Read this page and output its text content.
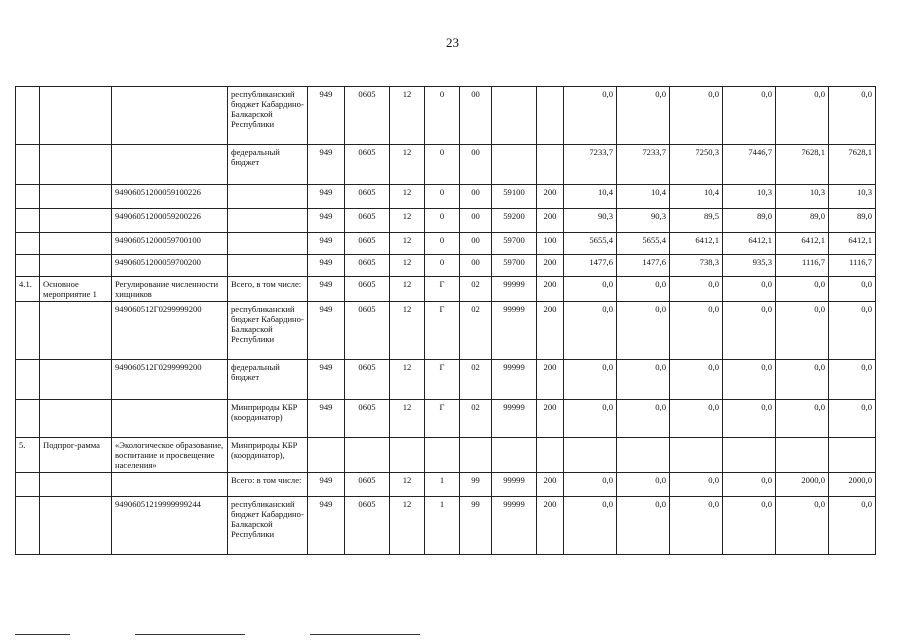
23
			республиканский бюджет Кабардино-Балкарской Республики	949	0605	12	0	00			0,0	0,0	0,0	0,0	0,0	0,0
			федеральный бюджет	949	0605	12	0	00			7233,7	7233,7	7250,3	7446,7	7628,1	7628,1
		94906051200059100226		949	0605	12	0	00	59100	200	10,4	10,4	10,4	10,3	10,3	10,3
		94906051200059200226		949	0605	12	0	00	59200	200	90,3	90,3	89,5	89,0	89,0	89,0
		94906051200059700100		949	0605	12	0	00	59700	100	5655,4	5655,4	6412,1	6412,1	6412,1	6412,1
		94906051200059700200		949	0605	12	0	00	59700	200	1477,6	1477,6	738,3	935,3	1116,7	1116,7
4.1.	Основное мероприятие 1	Регулирование численности хищников	Всего, в том числе:	949	0605	12	Г	02	99999	200	0,0	0,0	0,0	0,0	0,0	0,0
		949060512Г0299999200	республиканский бюджет Кабардино-Балкарской Республики	949	0605	12	Г	02	99999	200	0,0	0,0	0,0	0,0	0,0	0,0
		949060512Г0299999200	федеральный бюджет	949	0605	12	Г	02	99999	200	0,0	0,0	0,0	0,0	0,0	0,0
			Минприроды КБР (координатор)	949	0605	12	Г	02	99999	200	0,0	0,0	0,0	0,0	0,0	0,0
5.	Подпрог-рамма	«Экологическое образование, воспитание и просвещение населения»	Минприроды КБР (координатор),													
			Всего: в том числе:	949	0605	12	1	99	99999	200	0,0	0,0	0,0	0,0	2000,0	2000,0
		94906051219999999244	республиканский бюджет Кабардино-Балкарской Республики	949	0605	12	1	99	99999	200	0,0	0,0	0,0	0,0	0,0	0,0
